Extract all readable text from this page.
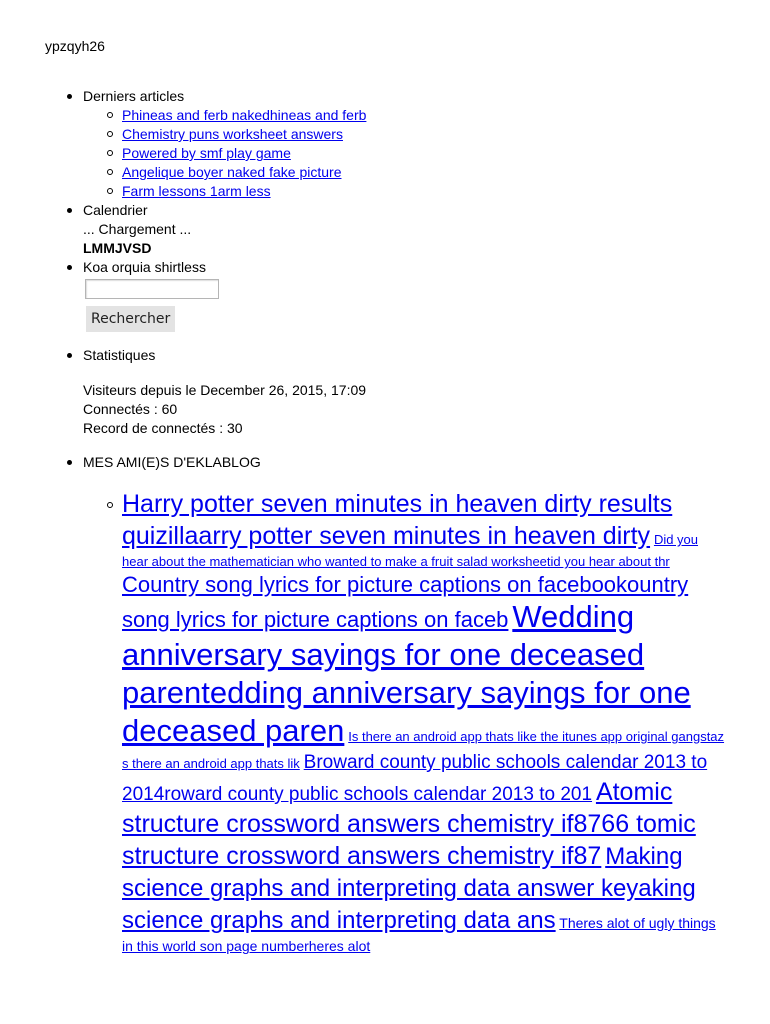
ypzqyh26
Derniers articles
Phineas and ferb nakedhineas and ferb
Chemistry puns worksheet answers
Powered by smf play game
Angelique boyer naked fake picture
Farm lessons 1arm less
Calendrier
... Chargement ...
LMMJVSD
Koa orquia shirtless
Rechercher
Statistiques
Visiteurs depuis le December 26, 2015, 17:09
Connectés : 60
Record de connectés : 30
MES AMI(E)S D'EKLABLOG
Harry potter seven minutes in heaven dirty results quizillaarry potter seven minutes in heaven dirty Did you hear about the mathematician who wanted to make a fruit salad worksheetid you hear about thr Country song lyrics for picture captions on facebookountry song lyrics for picture captions on faceb Wedding anniversary sayings for one deceased parentedding anniversary sayings for one deceased paren Is there an android app thats like the itunes app original gangstaz s there an android app thats lik Broward county public schools calendar 2013 to 2014roward county public schools calendar 2013 to 201 Atomic structure crossword answers chemistry if8766 tomic structure crossword answers chemistry if87 Making science graphs and interpreting data answer keyaking science graphs and interpreting data ans Theres alot of ugly things in this world son page numberheres alot
